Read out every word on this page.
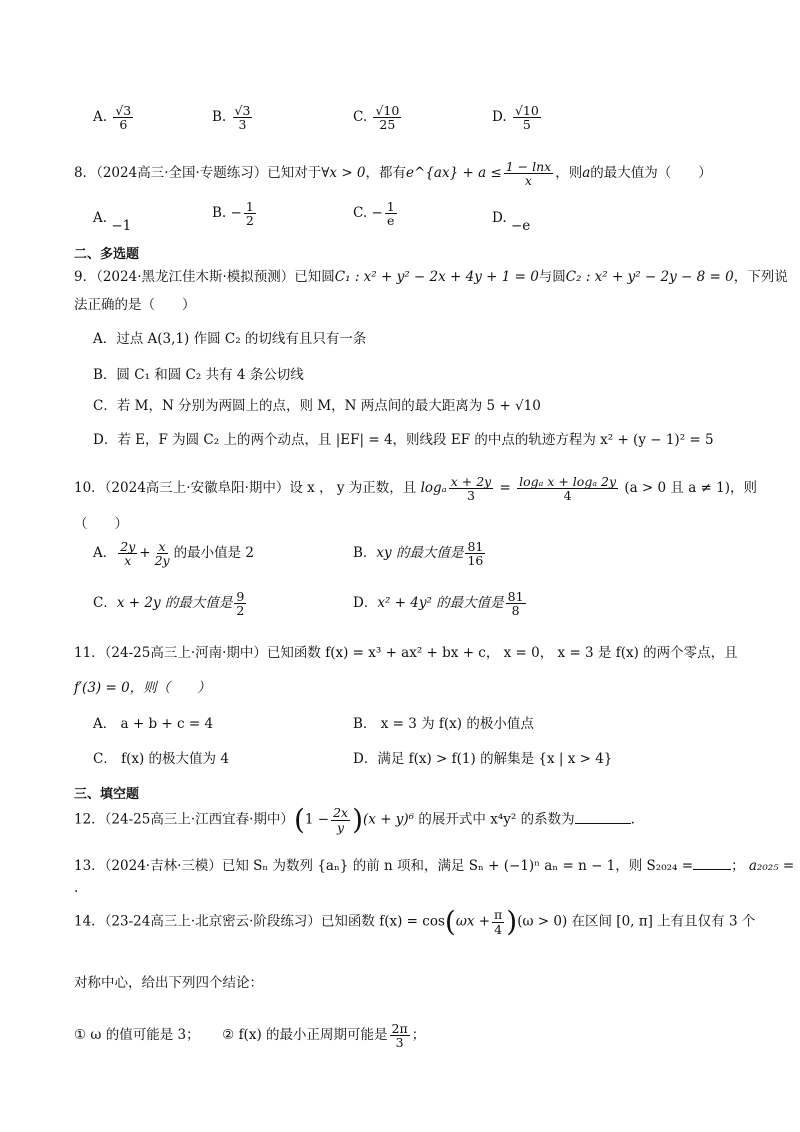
A. $\frac{√3}{6}$	B. $\frac{√3}{3}$	C. $\frac{√10}{25}$	D. $\frac{√10}{5}$
8．（2024高三·全国·专题练习）已知对于∀x > 0，都有e^{ax} + $a \le \frac{1 - \ln x}{x}$ ，则a的最大值为（　　）
A. −1
B. − $\frac{1}{2}$	C. − $\frac{1}{e}$	D. −e
二、多选题
9．（2024·黑龙江佳木斯·模拟预测）已知圆C₁ : x² + y² − 2x + 4y + 1 = 0与圆C₂ : x² + y² − 2y − 8 = 0，下列说
法正确的是（　　）
A．过点 A(3,1) 作圆 C₂ 的切线有且只有一条
B．圆 C₁ 和圆 C₂ 共有 4 条公切线
C．若 M，N 分别为两圆上的点，则 M，N 两点间的最大距离为 5 + √10
D．若 E，F 为圆 C₂ 上的两个动点，且 |EF| = 4，则线段 EF 的中点的轨迹方程为 x² + (y − 1)² = 5
10．（2024高三上·安徽阜阳·期中）设 x ， y 为正数，且 logₐ $\frac{x + 2y}{3} = \frac{\text{logₐ x + logₐ 2y}}{4} (a > 0$ 且 a ≠ 1)，则
（　　）
A． $\frac{2y}{x} + \frac{x}{2y}$ 的最小值是 2	B．xy 的最大值是 $\frac{81}{16}$
C．x + 2y 的最大值是 $\frac{9}{2}$	D．x² + 4y² 的最大值是 $\frac{81}{8}$
11．（24-25高三上·河南·期中）已知函数 f(x) = x³ + ax² + bx + c， x = 0， x = 3 是 f(x) 的两个零点，且
f′(3) = 0，则（　　）
A． a + b + c = 4	B． x = 3 为 f(x) 的极小值点
C． f(x) 的极大值为 4	D．满足 f(x) > f(1) 的解集是 {x | x > 4}
三、填空题
12．（24-25高三上·江西宜春·期中）$(1 - \frac{2x}{y} )(x + y)^6$ 的展开式中 x⁴y² 的系数为	.
13．（2024·吉林·三模）已知 Sₙ 为数列 {aₙ} 的前 n 项和，满足 Sₙ + (−1)ⁿ aₙ = n − 1，则 S₂₀₂₄ =	； a₂₀₂₅ =
.
14．（23-24高三上·北京密云·阶段练习）已知函数 $f(x) = \cos(\omega x + \frac{\pi}{4} )(\omega > 0)$ 在区间 [0, π] 上有且仅有 3 个
对称中心，给出下列四个结论：
① ω 的值可能是 3； ② f(x) 的最小正周期可能是 $\frac{2\pi}{3}$ ；
